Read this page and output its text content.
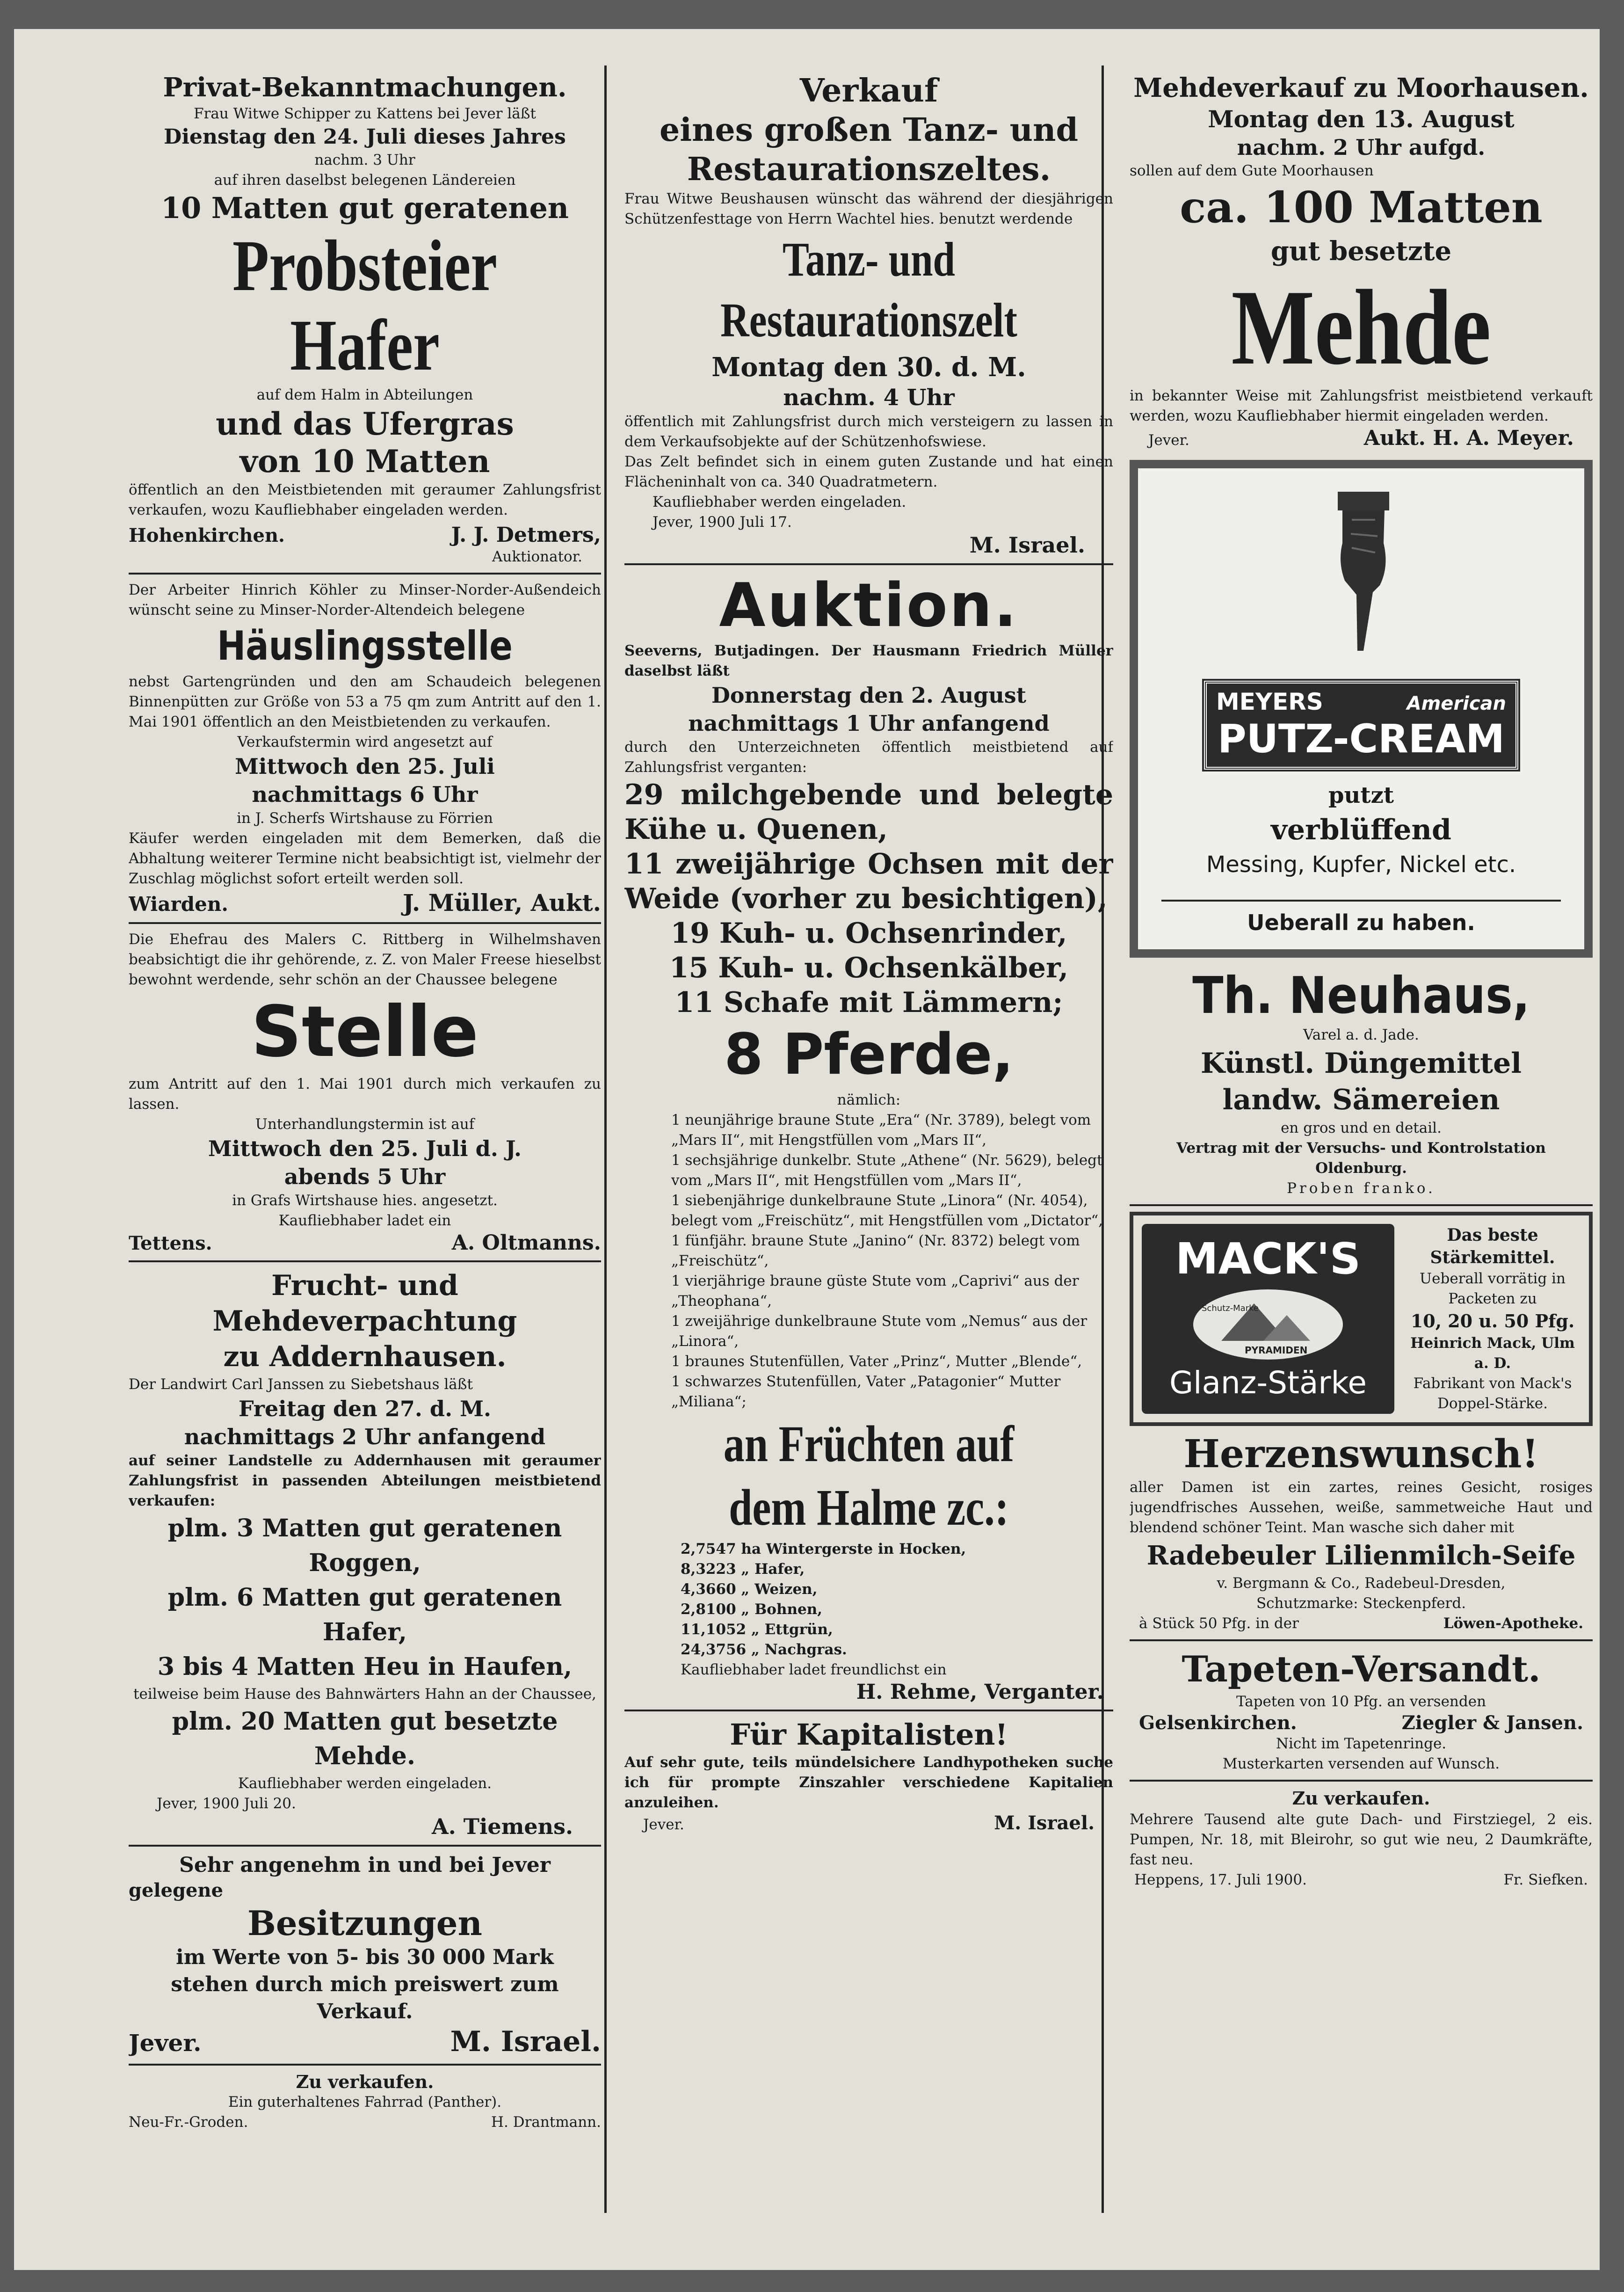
Privat-Bekanntmachungen.
Frau Witwe Schipper zu Kattens bei Jever läßt
Dienstag den 24. Juli dieses Jahres
nachm. 3 Uhr
auf ihren daselbst belegenen Ländereien
10 Matten gut geratenen
Probsteier Hafer
auf dem Halm in Abteilungen
und das Ufergras
von 10 Matten
öffentlich an den Meistbietenden mit geraumer Zahlungsfrist verkaufen, wozu Kaufliebhaber eingeladen werden.
Hohenkirchen.	J. J. Detmers,
Auktionator.
Der Arbeiter Hinrich Köhler zu Minser-Norder-Außendeich wünscht seine zu Minser-Norder-Altendeich belegene
Häuslingsstelle
nebst Gartengründen und den am Schaudeich belegenen Binnenpütten zur Größe von 53 a 75 qm zum Antritt auf den 1. Mai 1901 öffentlich an den Meistbietenden zu verkaufen.
Verkaufstermin wird angesetzt auf
Mittwoch den 25. Juli
nachmittags 6 Uhr
in J. Scherfs Wirtshause zu Förrien
Käufer werden eingeladen mit dem Bemerken, daß die Abhaltung weiterer Termine nicht beabsichtigt ist, vielmehr der Zuschlag möglichst sofort erteilt werden soll.
Wiarden.	J. Müller, Aukt.
Die Ehefrau des Malers C. Rittberg in Wilhelmshaven beabsichtigt die ihr gehörende, z. Z. von Maler Freese hieselbst bewohnt werdende, sehr schön an der Chaussee belegene
Stelle
zum Antritt auf den 1. Mai 1901 durch mich verkaufen zu lassen.
Unterhandlungstermin ist auf
Mittwoch den 25. Juli d. J.
abends 5 Uhr
in Grafs Wirtshause hies. angesetzt.
Kaufliebhaber ladet ein
Tettens.	A. Oltmanns.
Frucht- und Mehdeverpachtung
zu Addernhausen.
Der Landwirt Carl Janssen zu Siebetshaus läßt
Freitag den 27. d. M.
nachmittags 2 Uhr anfangend
auf seiner Landstelle zu Addernhausen mit geraumer Zahlungsfrist in passenden Abteilungen meistbietend verkaufen:
plm. 3 Matten gut geratenen Roggen,
plm. 6 Matten gut geratenen Hafer,
3 bis 4 Matten Heu in Haufen,
teilweise beim Hause des Bahnwärters Hahn an der Chaussee,
plm. 20 Matten gut besetzte Mehde.
Kaufliebhaber werden eingeladen.
Jever, 1900 Juli 20.
A. Tiemens.
Sehr angenehm in und bei Jever
gelegene
Besitzungen
im Werte von 5- bis 30 000 Mark
stehen durch mich preiswert zum Verkauf.
Jever.	M. Israel.
Zu verkaufen.
Ein guterhaltenes Fahrrad (Panther).
Neu-Fr.-Groden.	H. Drantmann.
Verkauf
eines großen Tanz- und
Restaurationszeltes.
Frau Witwe Beushausen wünscht das während der diesjährigen Schützenfesttage von Herrn Wachtel hies. benutzt werdende
Tanz- und
Restaurationszelt
Montag den 30. d. M.
nachm. 4 Uhr
öffentlich mit Zahlungsfrist durch mich versteigern zu lassen in dem Verkaufsobjekte auf der Schützenhofswiese.
Das Zelt befindet sich in einem guten Zustande und hat einen Flächeninhalt von ca. 340 Quadratmetern.
Kaufliebhaber werden eingeladen.
Jever, 1900 Juli 17.
M. Israel.
Auktion.
Seeverns, Butjadingen. Der Hausmann Friedrich Müller daselbst läßt
Donnerstag den 2. August
nachmittags 1 Uhr anfangend
durch den Unterzeichneten öffentlich meistbietend auf Zahlungsfrist verganten:
29 milchgebende und belegte Kühe u. Quenen,
11 zweijährige Ochsen mit der Weide (vorher zu besichtigen),
19 Kuh- u. Ochsenrinder,
15 Kuh- u. Ochsenkälber,
11 Schafe mit Lämmern;
8 Pferde,
nämlich:
1 neunjährige braune Stute „Era“ (Nr. 3789), belegt vom „Mars II“, mit Hengstfüllen vom „Mars II“,
1 sechsjährige dunkelbr. Stute „Athene“ (Nr. 5629), belegt vom „Mars II“, mit Hengstfüllen vom „Mars II“,
1 siebenjährige dunkelbraune Stute „Linora“ (Nr. 4054), belegt vom „Freischütz“, mit Hengstfüllen vom „Dictator“,
1 fünfjähr. braune Stute „Janino“ (Nr. 8372) belegt vom „Freischütz“,
1 vierjährige braune güste Stute vom „Caprivi“ aus der „Theophana“,
1 zweijährige dunkelbraune Stute vom „Nemus“ aus der „Linora“,
1 braunes Stutenfüllen, Vater „Prinz“, Mutter „Blende“,
1 schwarzes Stutenfüllen, Vater „Patagonier“ Mutter „Miliana“;
an Früchten auf
dem Halme zc.:
2,7547 ha Wintergerste in Hocken,
8,3223 „ Hafer,
4,3660 „ Weizen,
2,8100 „ Bohnen,
11,1052 „ Ettgrün,
24,3756 „ Nachgras.
Kaufliebhaber ladet freundlichst ein
H. Rehme, Verganter.
Für Kapitalisten!
Auf sehr gute, teils mündelsichere Landhypotheken suche ich für prompte Zinszahler verschiedene Kapitalien anzuleihen.
Jever.	M. Israel.
Mehdeverkauf zu Moorhausen.
Montag den 13. August
nachm. 2 Uhr aufgd.
sollen auf dem Gute Moorhausen
ca. 100 Matten
gut besetzte
Mehde
in bekannter Weise mit Zahlungsfrist meistbietend verkauft werden, wozu Kaufliebhaber hiermit eingeladen werden.
Jever.	Aukt. H. A. Meyer.
MEYERS	American
PUTZ-CREAM
putzt
verblüffend
Messing, Kupfer, Nickel etc.
Ueberall zu haben.
Th. Neuhaus,
Varel a. d. Jade.
Künstl. Düngemittel
landw. Sämereien
en gros und en detail.
Vertrag mit der Versuchs- und Kontrolstation Oldenburg.
Proben franko.
MACK'S
Schutz-Marke
PYRAMIDEN
Glanz-Stärke
Das beste Stärkemittel.
Ueberall vorrätig in Packeten zu
10, 20 u. 50 Pfg.
Heinrich Mack, Ulm a. D.
Fabrikant von Mack's Doppel-Stärke.
Herzenswunsch!
aller Damen ist ein zartes, reines Gesicht, rosiges jugendfrisches Aussehen, weiße, sammetweiche Haut und blendend schöner Teint. Man wasche sich daher mit
Radebeuler Lilienmilch-Seife
v. Bergmann & Co., Radebeul-Dresden,
Schutzmarke: Steckenpferd.
à Stück 50 Pfg. in der	Löwen-Apotheke.
Tapeten-Versandt.
Tapeten von 10 Pfg. an versenden
Gelsenkirchen.	Ziegler & Jansen.
Nicht im Tapetenringe.
Musterkarten versenden auf Wunsch.
Zu verkaufen.
Mehrere Tausend alte gute Dach- und Firstziegel, 2 eis. Pumpen, Nr. 18, mit Bleirohr, so gut wie neu, 2 Daumkräfte, fast neu.
Heppens, 17. Juli 1900.	Fr. Siefken.
